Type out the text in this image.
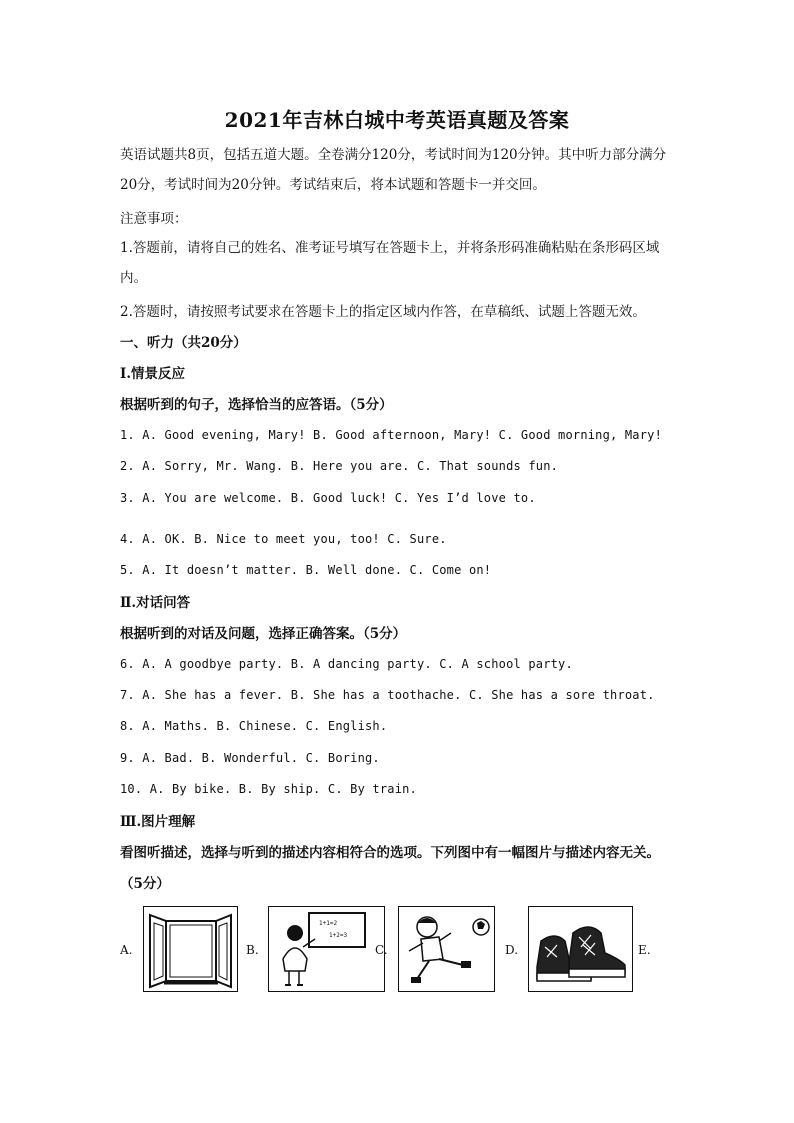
2021年吉林白城中考英语真题及答案
英语试题共8页，包括五道大题。全卷满分120分，考试时间为120分钟。其中听力部分满分20分，考试时间为20分钟。考试结束后，将本试题和答题卡一并交回。
注意事项：
1.答题前，请将自己的姓名、准考证号填写在答题卡上，并将条形码准确粘贴在条形码区域内。
2.答题时，请按照考试要求在答题卡上的指定区域内作答，在草稿纸、试题上答题无效。
一、听力（共20分）
Ⅰ.情景反应
根据听到的句子，选择恰当的应答语。（5分）
1. A. Good evening, Mary! B. Good afternoon, Mary! C. Good morning, Mary!
2. A. Sorry, Mr. Wang. B. Here you are. C. That sounds fun.
3. A. You are welcome. B. Good luck! C. Yes I’d love to.
4. A. OK. B. Nice to meet you, too! C. Sure.
5. A. It doesn’t matter. B. Well done. C. Come on!
Ⅱ.对话问答
根据听到的对话及问题，选择正确答案。（5分）
6. A. A goodbye party. B. A dancing party. C. A school party.
7. A. She has a fever. B. She has a toothache. C. She has a sore throat.
8. A. Maths. B. Chinese. C. English.
9. A. Bad. B. Wonderful. C. Boring.
10. A. By bike. B. By ship. C. By train.
Ⅲ.图片理解
看图听描述，选择与听到的描述内容相符合的选项。下列图中有一幅图片与描述内容无关。
（5分）
A.	B.
1+1=2
1+2=3
C.	D.	E.
